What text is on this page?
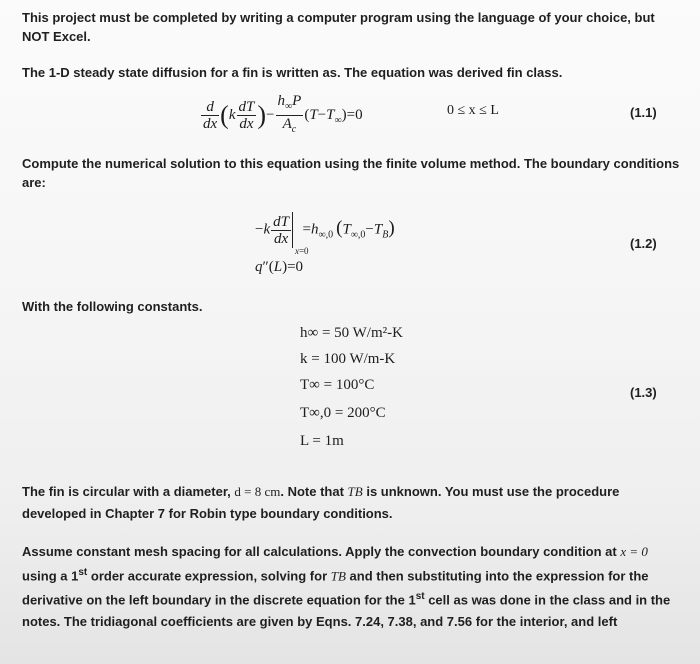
This project must be completed by writing a computer program using the language of your choice, but NOT Excel.
The 1-D steady state diffusion for a fin is written as. The equation was derived fin class.
$\frac{d}{dx} (k \frac{dT}{dx}$ )− $\frac{h_\infty P}{A_c} (T-T_\infty)=0$	0 ≤ x ≤ L	(1.1)
Compute the numerical solution to this equation using the finite volume method. The boundary conditions are:
$-k \frac{dT}{dx}$
x=0
$=h_{\infty,0}$  $(T_{\infty,0}-T_B)$
q″(L)=0
(1.2)
With the following constants.
h∞ = 50 W/m²-K
k = 100 W/m-K
T∞ = 100°C
T∞,0 = 200°C
L = 1m
(1.3)
The fin is circular with a diameter, d = 8 cm. Note that TB is unknown. You must use the procedure developed in Chapter 7 for Robin type boundary conditions.
Assume constant mesh spacing for all calculations. Apply the convection boundary condition at x = 0 using a 1st order accurate expression, solving for TB and then substituting into the expression for the derivative on the left boundary in the discrete equation for the 1st cell as was done in the class and in the notes. The tridiagonal coefficients are given by Eqns. 7.24, 7.38, and 7.56 for the interior, and left
